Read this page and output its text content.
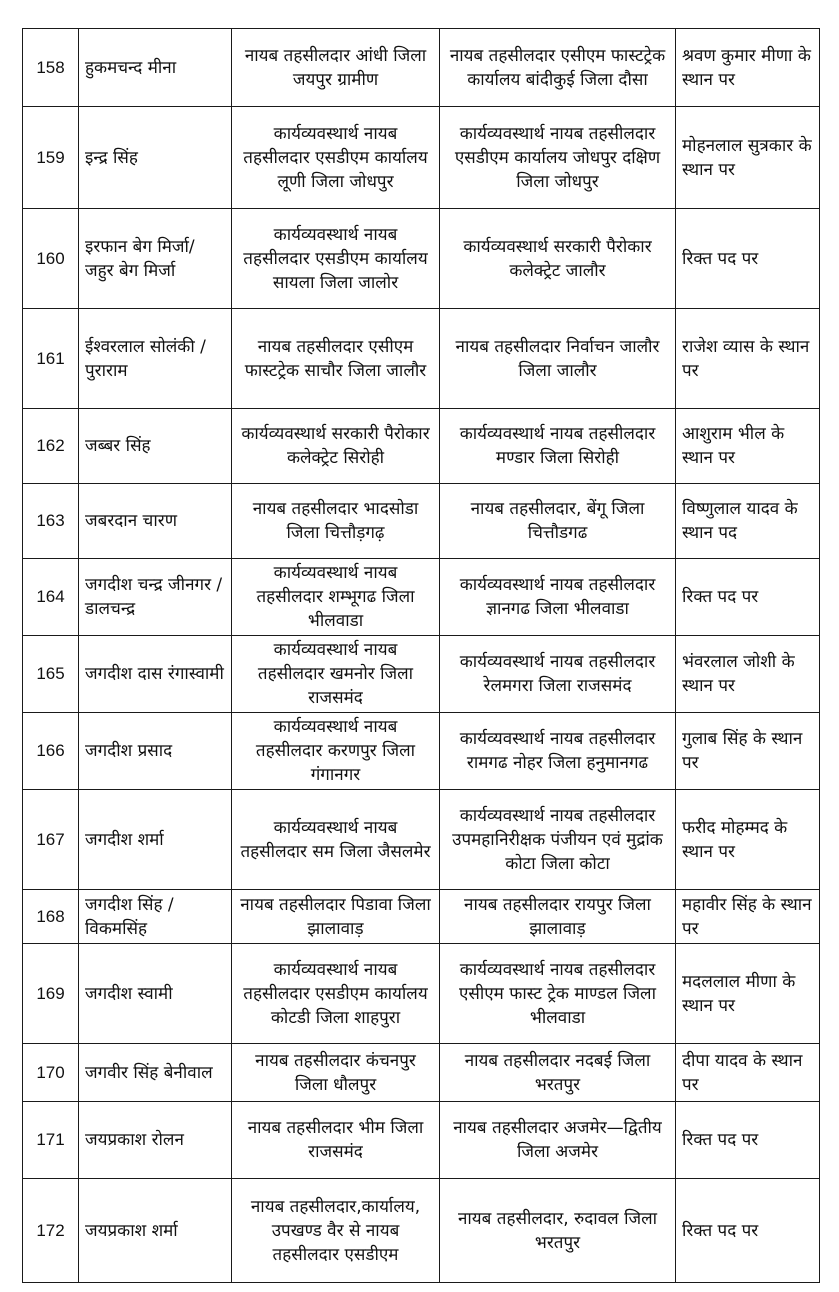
158	हुकमचन्द मीना	नायब तहसीलदार आंधी जिला जयपुर ग्रामीण	नायब तहसीलदार एसीएम फास्टट्रेक कार्यालय बांदीकुई जिला दौसा	श्रवण कुमार मीणा के स्थान पर
159	इन्द्र सिंह	कार्यव्यवस्थार्थ नायब तहसीलदार एसडीएम कार्यालय लूणी जिला जोधपुर	कार्यव्यवस्थार्थ नायब तहसीलदार एसडीएम कार्यालय जोधपुर दक्षिण जिला जोधपुर	मोहनलाल सुत्रकार के स्थान पर
160	इरफान बेग मिर्जा/ जहुर बेग मिर्जा	कार्यव्यवस्थार्थ नायब तहसीलदार एसडीएम कार्यालय सायला जिला जालोर	कार्यव्यवस्थार्थ सरकारी पैरोकार कलेक्ट्रेट जालौर	रिक्त पद पर
161	ईश्वरलाल सोलंकी / पुराराम	नायब तहसीलदार एसीएम फास्टट्रेक साचौर जिला जालौर	नायब तहसीलदार निर्वाचन जालौर जिला जालौर	राजेश व्यास के स्थान पर
162	जब्बर सिंह	कार्यव्यवस्थार्थ सरकारी पैरोकार कलेक्ट्रेट सिरोही	कार्यव्यवस्थार्थ नायब तहसीलदार मण्डार जिला सिरोही	आशुराम भील के स्थान पर
163	जबरदान चारण	नायब तहसीलदार भादसोडा जिला चित्तौड़गढ़	नायब तहसीलदार, बेंगू जिला चित्तौडगढ	विष्णुलाल यादव के स्थान पद
164	जगदीश चन्द्र जीनगर / डालचन्द्र	कार्यव्यवस्थार्थ नायब तहसीलदार शम्भूगढ जिला भीलवाडा	कार्यव्यवस्थार्थ नायब तहसीलदार ज्ञानगढ जिला भीलवाडा	रिक्त पद पर
165	जगदीश दास रंगास्वामी	कार्यव्यवस्थार्थ नायब तहसीलदार खमनोर जिला राजसमंद	कार्यव्यवस्थार्थ नायब तहसीलदार रेलमगरा जिला राजसमंद	भंवरलाल जोशी के स्थान पर
166	जगदीश प्रसाद	कार्यव्यवस्थार्थ नायब तहसीलदार करणपुर जिला गंगानगर	कार्यव्यवस्थार्थ नायब तहसीलदार रामगढ नोहर जिला हनुमानगढ	गुलाब सिंह के स्थान पर
167	जगदीश शर्मा	कार्यव्यवस्थार्थ नायब तहसीलदार सम जिला जैसलमेर	कार्यव्यवस्थार्थ नायब तहसीलदार उपमहानिरीक्षक पंजीयन एवं मुद्रांक कोटा जिला कोटा	फरीद मोहम्मद के स्थान पर
168	जगदीश सिंह / विकमसिंह	नायब तहसीलदार पिडावा जिला झालावाड़	नायब तहसीलदार रायपुर जिला झालावाड़	महावीर सिंह के स्थान पर
169	जगदीश स्वामी	कार्यव्यवस्थार्थ नायब तहसीलदार एसडीएम कार्यालय कोटडी जिला शाहपुरा	कार्यव्यवस्थार्थ नायब तहसीलदार एसीएम फास्ट ट्रेक माण्डल जिला भीलवाडा	मदललाल मीणा के स्थान पर
170	जगवीर सिंह बेनीवाल	नायब तहसीलदार कंचनपुर जिला धौलपुर	नायब तहसीलदार नदबई जिला भरतपुर	दीपा यादव के स्थान पर
171	जयप्रकाश रोलन	नायब तहसीलदार भीम जिला राजसमंद	नायब तहसीलदार अजमेर—द्वितीय जिला अजमेर	रिक्त पद पर
172	जयप्रकाश शर्मा	नायब तहसीलदार,कार्यालय, उपखण्ड वैर से नायब तहसीलदार एसडीएम	नायब तहसीलदार, रुदावल जिला भरतपुर	रिक्त पद पर
